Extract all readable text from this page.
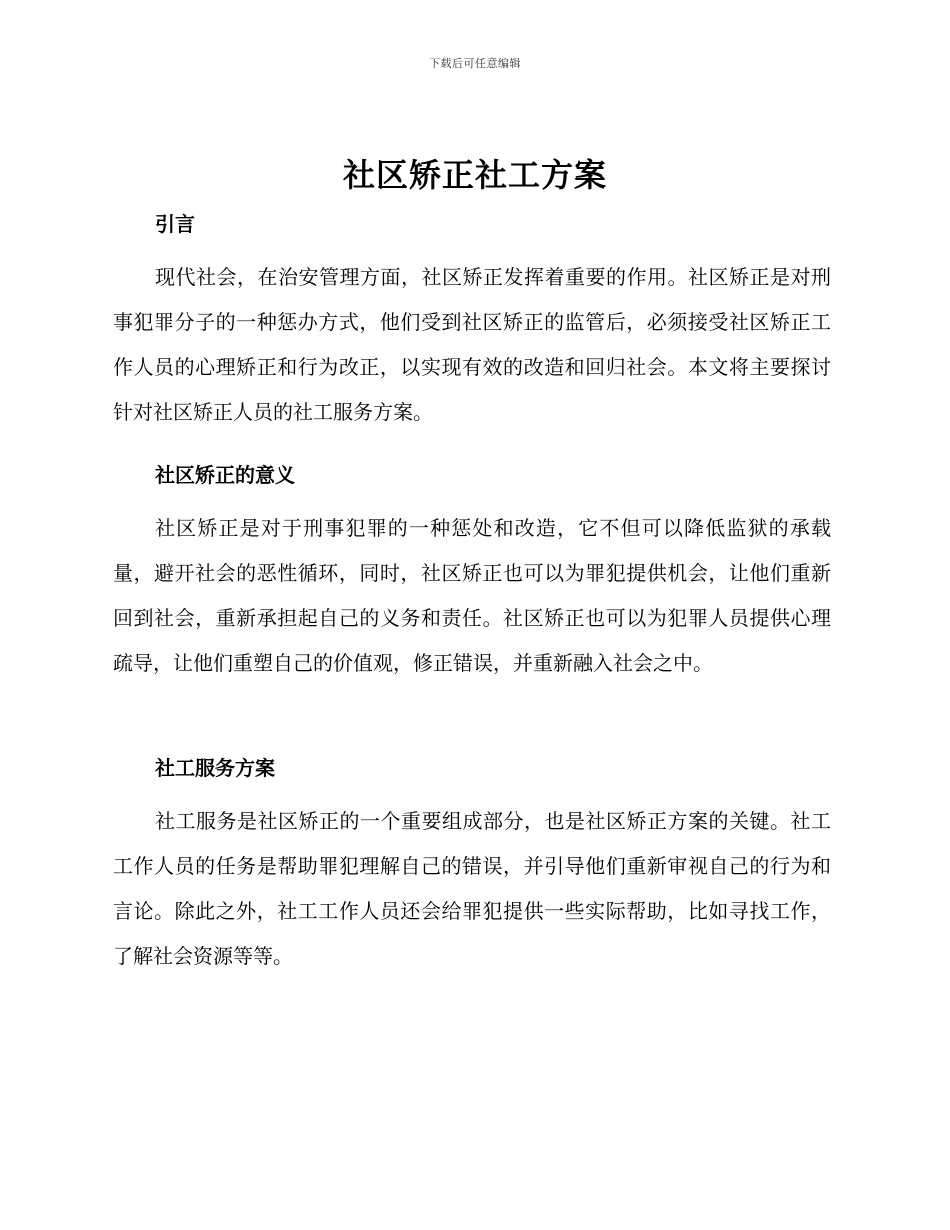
下载后可任意编辑
社区矫正社工方案
引言

现代社会，在治安管理方面，社区矫正发挥着重要的作用。社区矫正是对刑事犯罪分子的一种惩办方式，他们受到社区矫正的监管后，必须接受社区矫正工作人员的心理矫正和行为改正，以实现有效的改造和回归社会。本文将主要探讨针对社区矫正人员的社工服务方案。

社区矫正的意义

社区矫正是对于刑事犯罪的一种惩处和改造，它不但可以降低监狱的承载量，避开社会的恶性循环，同时，社区矫正也可以为罪犯提供机会，让他们重新回到社会，重新承担起自己的义务和责任。社区矫正也可以为犯罪人员提供心理疏导，让他们重塑自己的价值观，修正错误，并重新融入社会之中。

社工服务方案

社工服务是社区矫正的一个重要组成部分，也是社区矫正方案的关键。社工工作人员的任务是帮助罪犯理解自己的错误，并引导他们重新审视自己的行为和言论。除此之外，社工工作人员还会给罪犯提供一些实际帮助，比如寻找工作，了解社会资源等等。
